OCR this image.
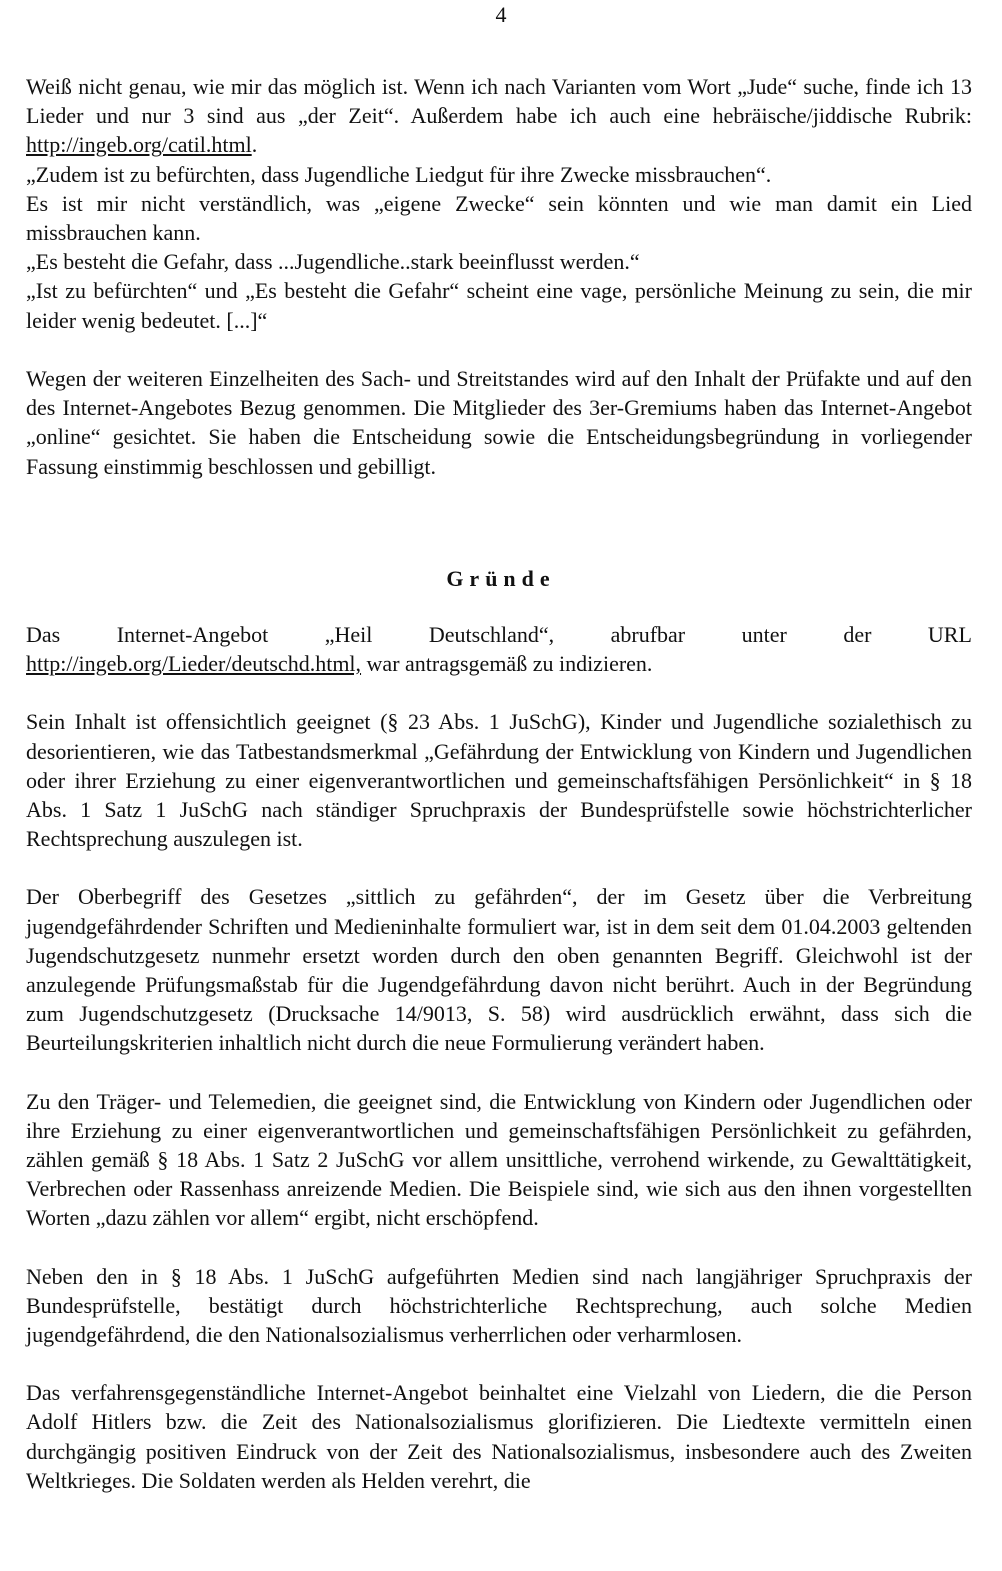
4

Weiß nicht genau, wie mir das möglich ist. Wenn ich nach Varianten vom Wort „Jude“ suche, finde ich 13 Lieder und nur 3 sind aus „der Zeit“. Außerdem habe ich auch eine hebräische/jiddische Rubrik: http://ingeb.org/catil.html.

„Zudem ist zu befürchten, dass Jugendliche Liedgut für ihre Zwecke missbrauchen“.

Es ist mir nicht verständlich, was „eigene Zwecke“ sein könnten und wie man damit ein Lied missbrauchen kann.

„Es besteht die Gefahr, dass ...Jugendliche..stark beeinflusst werden.“

„Ist zu befürchten“ und „Es besteht die Gefahr“ scheint eine vage, persönliche Meinung zu sein, die mir leider wenig bedeutet. [...]“

Wegen der weiteren Einzelheiten des Sach- und Streitstandes wird auf den Inhalt der Prüfakte und auf den des Internet-Angebotes Bezug genommen. Die Mitglieder des 3er-Gremiums haben das Internet-Angebot „online“ gesichtet. Sie haben die Entscheidung sowie die Entscheidungsbegründung in vorliegender Fassung einstimmig beschlossen und gebilligt.

Gründe
Das	Internet-Angebot	„Heil	Deutschland“,	abrufbar	unter	der	URL

http://ingeb.org/Lieder/deutschd.html, war antragsgemäß zu indizieren.

Sein Inhalt ist offensichtlich geeignet (§ 23 Abs. 1 JuSchG), Kinder und Jugendliche sozialethisch zu desorientieren, wie das Tatbestandsmerkmal „Gefährdung der Entwicklung von Kindern und Jugendlichen oder ihrer Erziehung zu einer eigenverantwortlichen und gemeinschaftsfähigen Persönlichkeit“ in § 18 Abs. 1 Satz 1 JuSchG nach ständiger Spruchpraxis der Bundesprüfstelle sowie höchstrichterlicher Rechtsprechung auszulegen ist.

Der Oberbegriff des Gesetzes „sittlich zu gefährden“, der im Gesetz über die Verbreitung jugendgefährdender Schriften und Medieninhalte formuliert war, ist in dem seit dem 01.04.2003 geltenden Jugendschutzgesetz nunmehr ersetzt worden durch den oben genannten Begriff. Gleichwohl ist der anzulegende Prüfungsmaßstab für die Jugendgefährdung davon nicht berührt. Auch in der Begründung zum Jugendschutzgesetz (Drucksache 14/9013, S. 58) wird ausdrücklich erwähnt, dass sich die Beurteilungskriterien inhaltlich nicht durch die neue Formulierung verändert haben.

Zu den Träger- und Telemedien, die geeignet sind, die Entwicklung von Kindern oder Jugendlichen oder ihre Erziehung zu einer eigenverantwortlichen und gemeinschaftsfähigen Persönlichkeit zu gefährden, zählen gemäß § 18 Abs. 1 Satz 2 JuSchG vor allem unsittliche, verrohend wirkende, zu Gewalttätigkeit, Verbrechen oder Rassenhass anreizende Medien. Die Beispiele sind, wie sich aus den ihnen vorgestellten Worten „dazu zählen vor allem“ ergibt, nicht erschöpfend.

Neben den in § 18 Abs. 1 JuSchG aufgeführten Medien sind nach langjähriger Spruchpraxis der Bundesprüfstelle, bestätigt durch höchstrichterliche Rechtsprechung, auch solche Medien jugendgefährdend, die den Nationalsozialismus verherrlichen oder verharmlosen.

Das verfahrensgegenständliche Internet-Angebot beinhaltet eine Vielzahl von Liedern, die die Person Adolf Hitlers bzw. die Zeit des Nationalsozialismus glorifizieren. Die Liedtexte vermitteln einen durchgängig positiven Eindruck von der Zeit des Nationalsozialismus, insbesondere auch des Zweiten Weltkrieges. Die Soldaten werden als Helden verehrt, die
